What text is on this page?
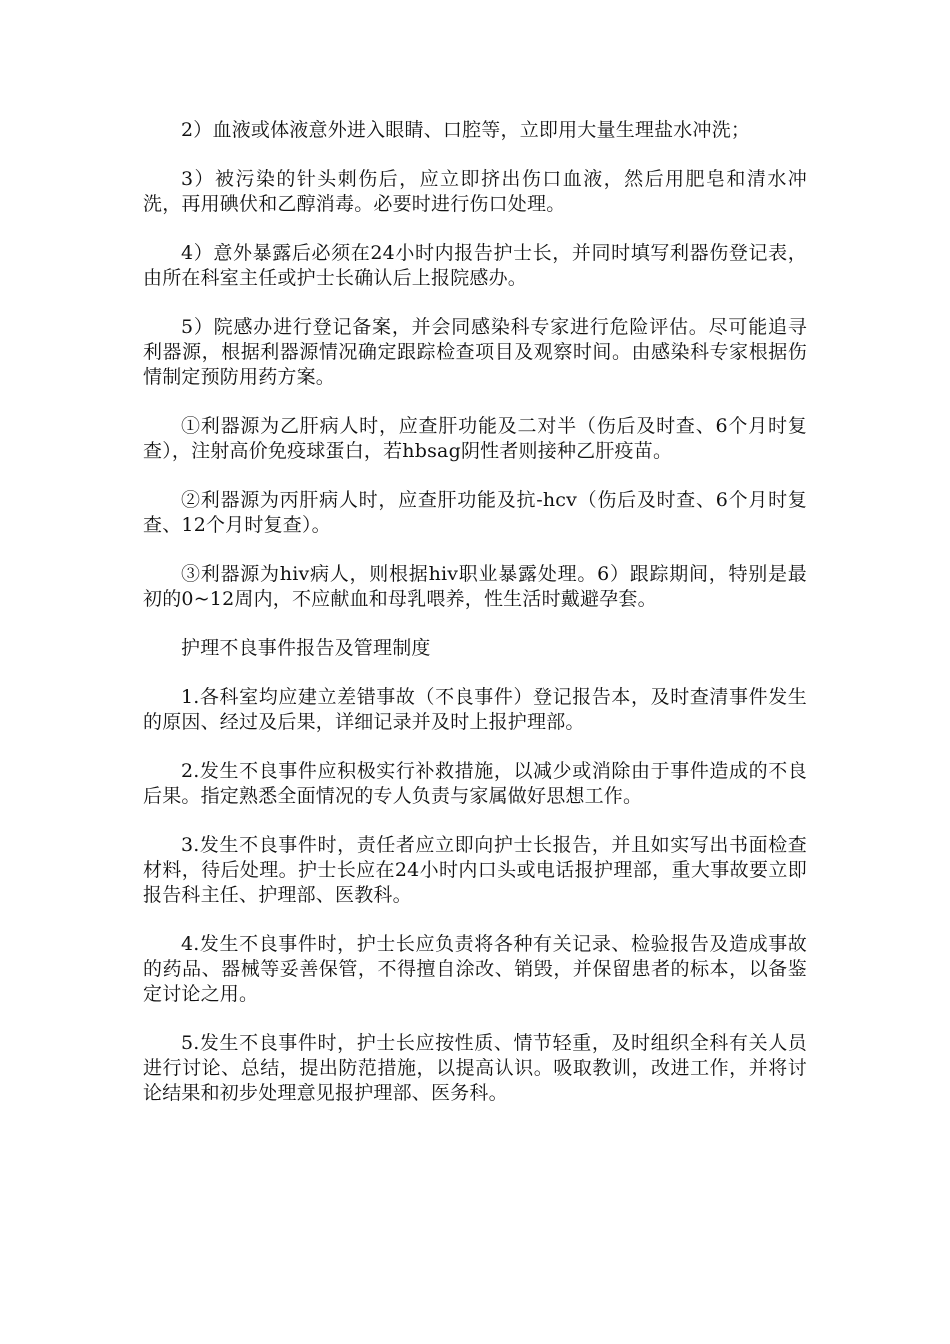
2）血液或体液意外进入眼睛、口腔等，立即用大量生理盐水冲洗；

3）被污染的针头刺伤后，应立即挤出伤口血液，然后用肥皂和清水冲洗，再用碘伏和乙醇消毒。必要时进行伤口处理。

4）意外暴露后必须在24小时内报告护士长，并同时填写利器伤登记表，由所在科室主任或护士长确认后上报院感办。

5）院感办进行登记备案，并会同感染科专家进行危险评估。尽可能追寻利器源，根据利器源情况确定跟踪检查项目及观察时间。由感染科专家根据伤情制定预防用药方案。

①利器源为乙肝病人时，应查肝功能及二对半（伤后及时查、6个月时复查），注射高价免疫球蛋白，若hbsag阴性者则接种乙肝疫苗。

②利器源为丙肝病人时，应查肝功能及抗-hcv（伤后及时查、6个月时复查、12个月时复查）。

③利器源为hiv病人，则根据hiv职业暴露处理。6）跟踪期间，特别是最初的0~12周内，不应献血和母乳喂养，性生活时戴避孕套。

护理不良事件报告及管理制度

1.各科室均应建立差错事故（不良事件）登记报告本，及时查清事件发生的原因、经过及后果，详细记录并及时上报护理部。

2.发生不良事件应积极实行补救措施，以减少或消除由于事件造成的不良后果。指定熟悉全面情况的专人负责与家属做好思想工作。

3.发生不良事件时，责任者应立即向护士长报告，并且如实写出书面检查材料，待后处理。护士长应在24小时内口头或电话报护理部，重大事故要立即报告科主任、护理部、医教科。

4.发生不良事件时，护士长应负责将各种有关记录、检验报告及造成事故的药品、器械等妥善保管，不得擅自涂改、销毁，并保留患者的标本，以备鉴定讨论之用。

5.发生不良事件时，护士长应按性质、情节轻重，及时组织全科有关人员进行讨论、总结，提出防范措施，以提高认识。吸取教训，改进工作，并将讨论结果和初步处理意见报护理部、医务科。
